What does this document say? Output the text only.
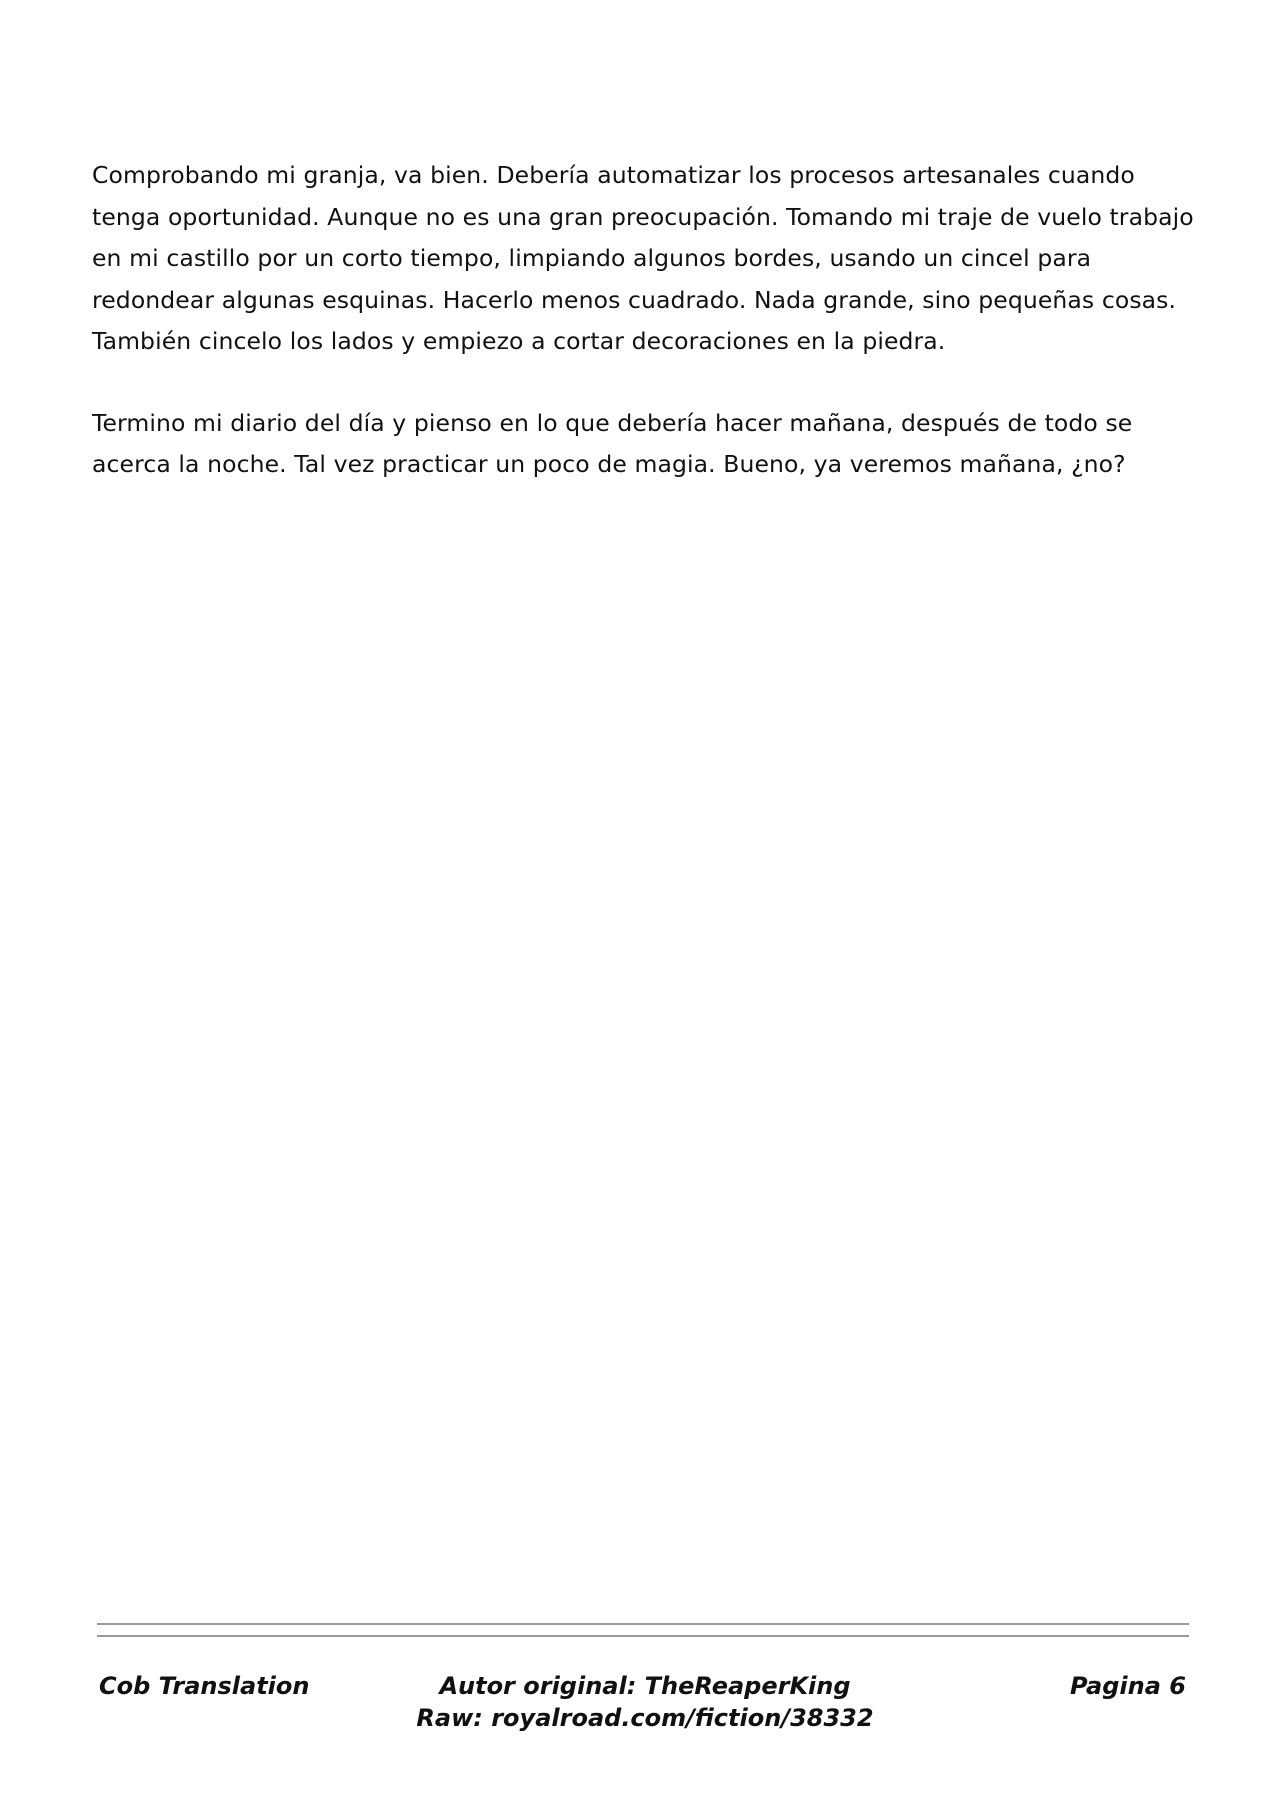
Comprobando mi granja, va bien. Debería automatizar los procesos artesanales cuando
tenga oportunidad. Aunque no es una gran preocupación. Tomando mi traje de vuelo trabajo
en mi castillo por un corto tiempo, limpiando algunos bordes, usando un cincel para
redondear algunas esquinas. Hacerlo menos cuadrado. Nada grande, sino pequeñas cosas.
También cincelo los lados y empiezo a cortar decoraciones en la piedra.

Termino mi diario del día y pienso en lo que debería hacer mañana, después de todo se
acerca la noche. Tal vez practicar un poco de magia. Bueno, ya veremos mañana, ¿no?

Cob Translation	Autor original: TheReaperKing
Raw: royalroad.com/fiction/38332
Pagina 6
